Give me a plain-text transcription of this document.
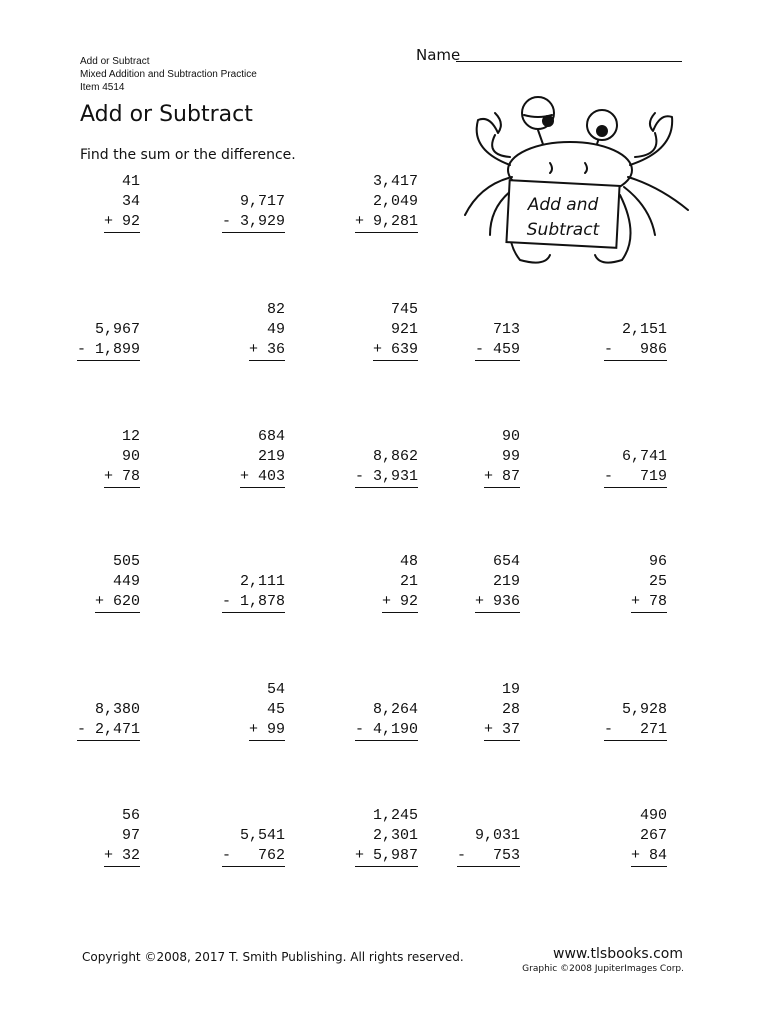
Add or Subtract
Mixed Addition and Subtraction Practice
Item 4514
Name
Add or Subtract
Find the sum or the difference.
Add and
Subtract
41
34
+ 92
9,717
- 3,929
3,417
2,049
+ 9,281
5,967
- 1,899
82
49
+ 36
745
921
+ 639
713
- 459
2,151
-   986
12
90
+ 78
684
219
+ 403
8,862
- 3,931
90
99
+ 87
6,741
-   719
505
449
+ 620
2,111
- 1,878
48
21
+ 92
654
219
+ 936
96
25
+ 78
8,380
- 2,471
54
45
+ 99
8,264
- 4,190
19
28
+ 37
5,928
-   271
56
97
+ 32
5,541
-   762
1,245
2,301
+ 5,987
9,031
-   753
490
267
+ 84
Copyright ©2008, 2017 T. Smith Publishing. All rights reserved.	www.tlsbooks.com
Graphic ©2008 JupiterImages Corp.
